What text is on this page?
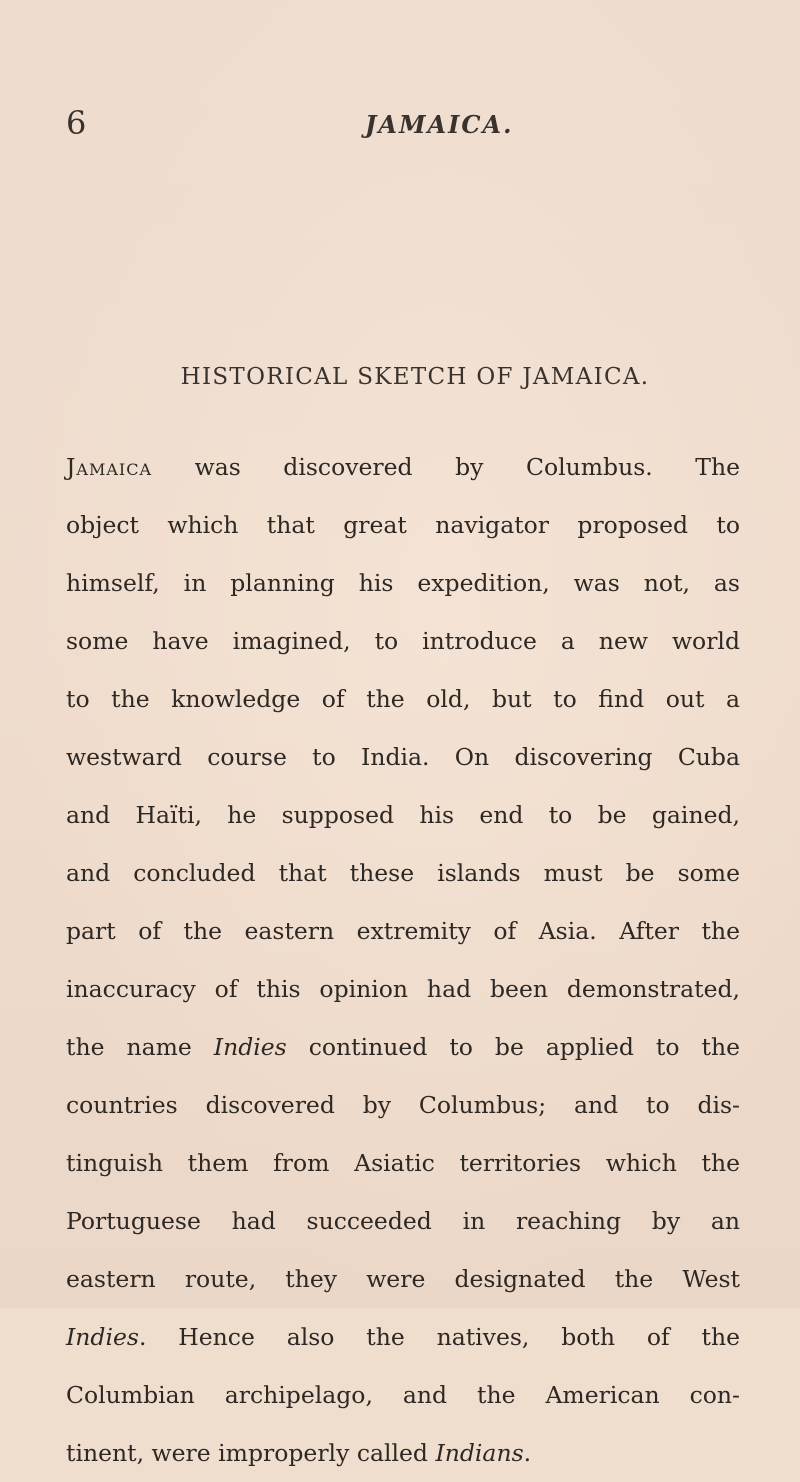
6	JAMAICA.
HISTORICAL SKETCH OF JAMAICA.
Jamaica was discovered by Columbus. The
object which that great navigator proposed to
himself, in planning his expedition, was not, as
some have imagined, to introduce a new world
to the knowledge of the old, but to find out a
westward course to India. On discovering Cuba
and Haïti, he supposed his end to be gained,
and concluded that these islands must be some
part of the eastern extremity of Asia. After the
inaccuracy of this opinion had been demonstrated,
the name Indies continued to be applied to the
countries discovered by Columbus; and to dis-
tinguish them from Asiatic territories which the
Portuguese had succeeded in reaching by an
eastern route, they were designated the West
Indies. Hence also the natives, both of the
Columbian archipelago, and the American con-
tinent, were improperly called Indians.
